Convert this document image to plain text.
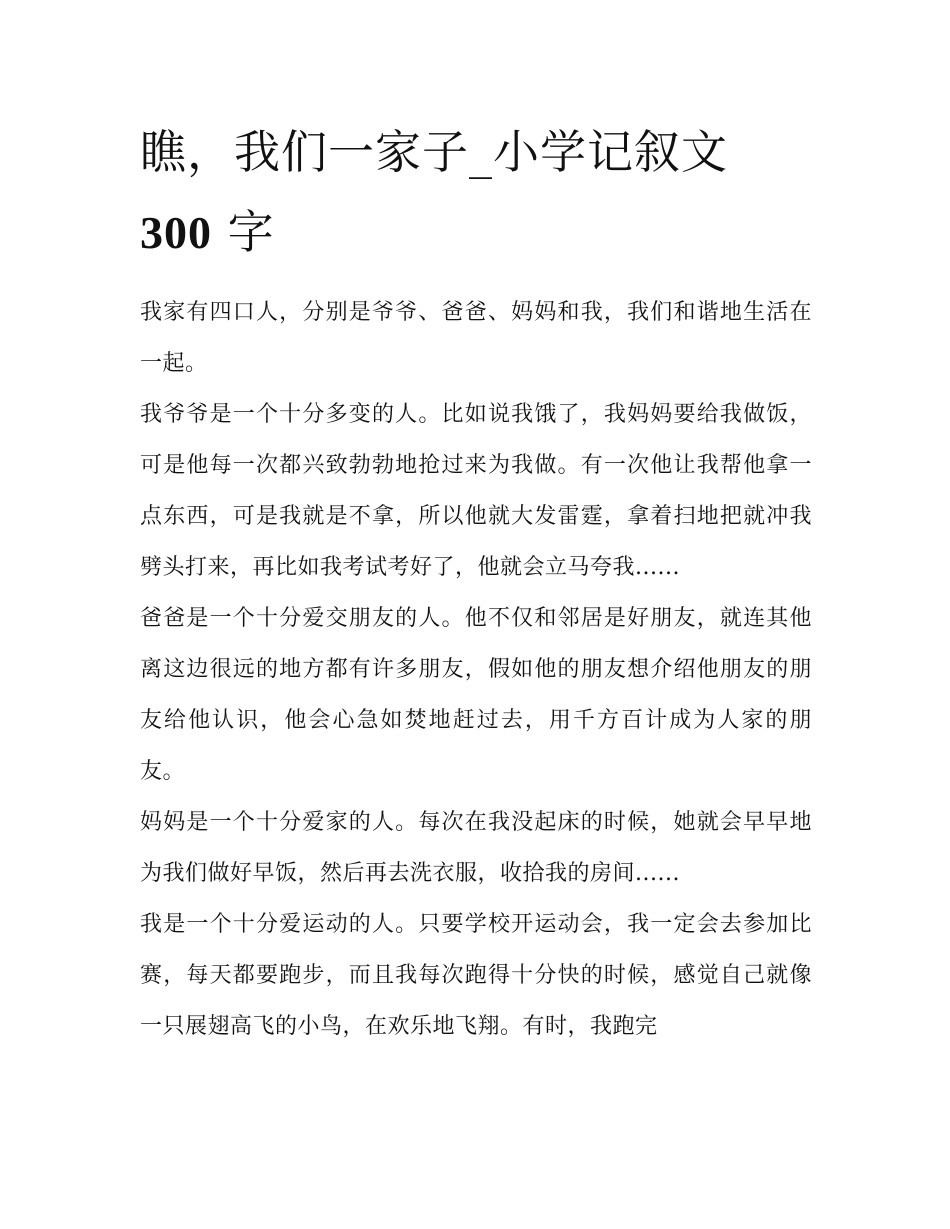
瞧，我们一家子_小学记叙文
300 字

我家有四口人，分别是爷爷、爸爸、妈妈和我，我们和谐地生活在一起。

我爷爷是一个十分多变的人。比如说我饿了，我妈妈要给我做饭，可是他每一次都兴致勃勃地抢过来为我做。有一次他让我帮他拿一点东西，可是我就是不拿，所以他就大发雷霆，拿着扫地把就冲我劈头打来，再比如我考试考好了，他就会立马夸我......

爸爸是一个十分爱交朋友的人。他不仅和邻居是好朋友，就连其他离这边很远的地方都有许多朋友，假如他的朋友想介绍他朋友的朋友给他认识，他会心急如焚地赶过去，用千方百计成为人家的朋友。

妈妈是一个十分爱家的人。每次在我没起床的时候，她就会早早地为我们做好早饭，然后再去洗衣服，收拾我的房间......

我是一个十分爱运动的人。只要学校开运动会，我一定会去参加比赛，每天都要跑步，而且我每次跑得十分快的时候，感觉自己就像一只展翅高飞的小鸟，在欢乐地飞翔。有时，我跑完
